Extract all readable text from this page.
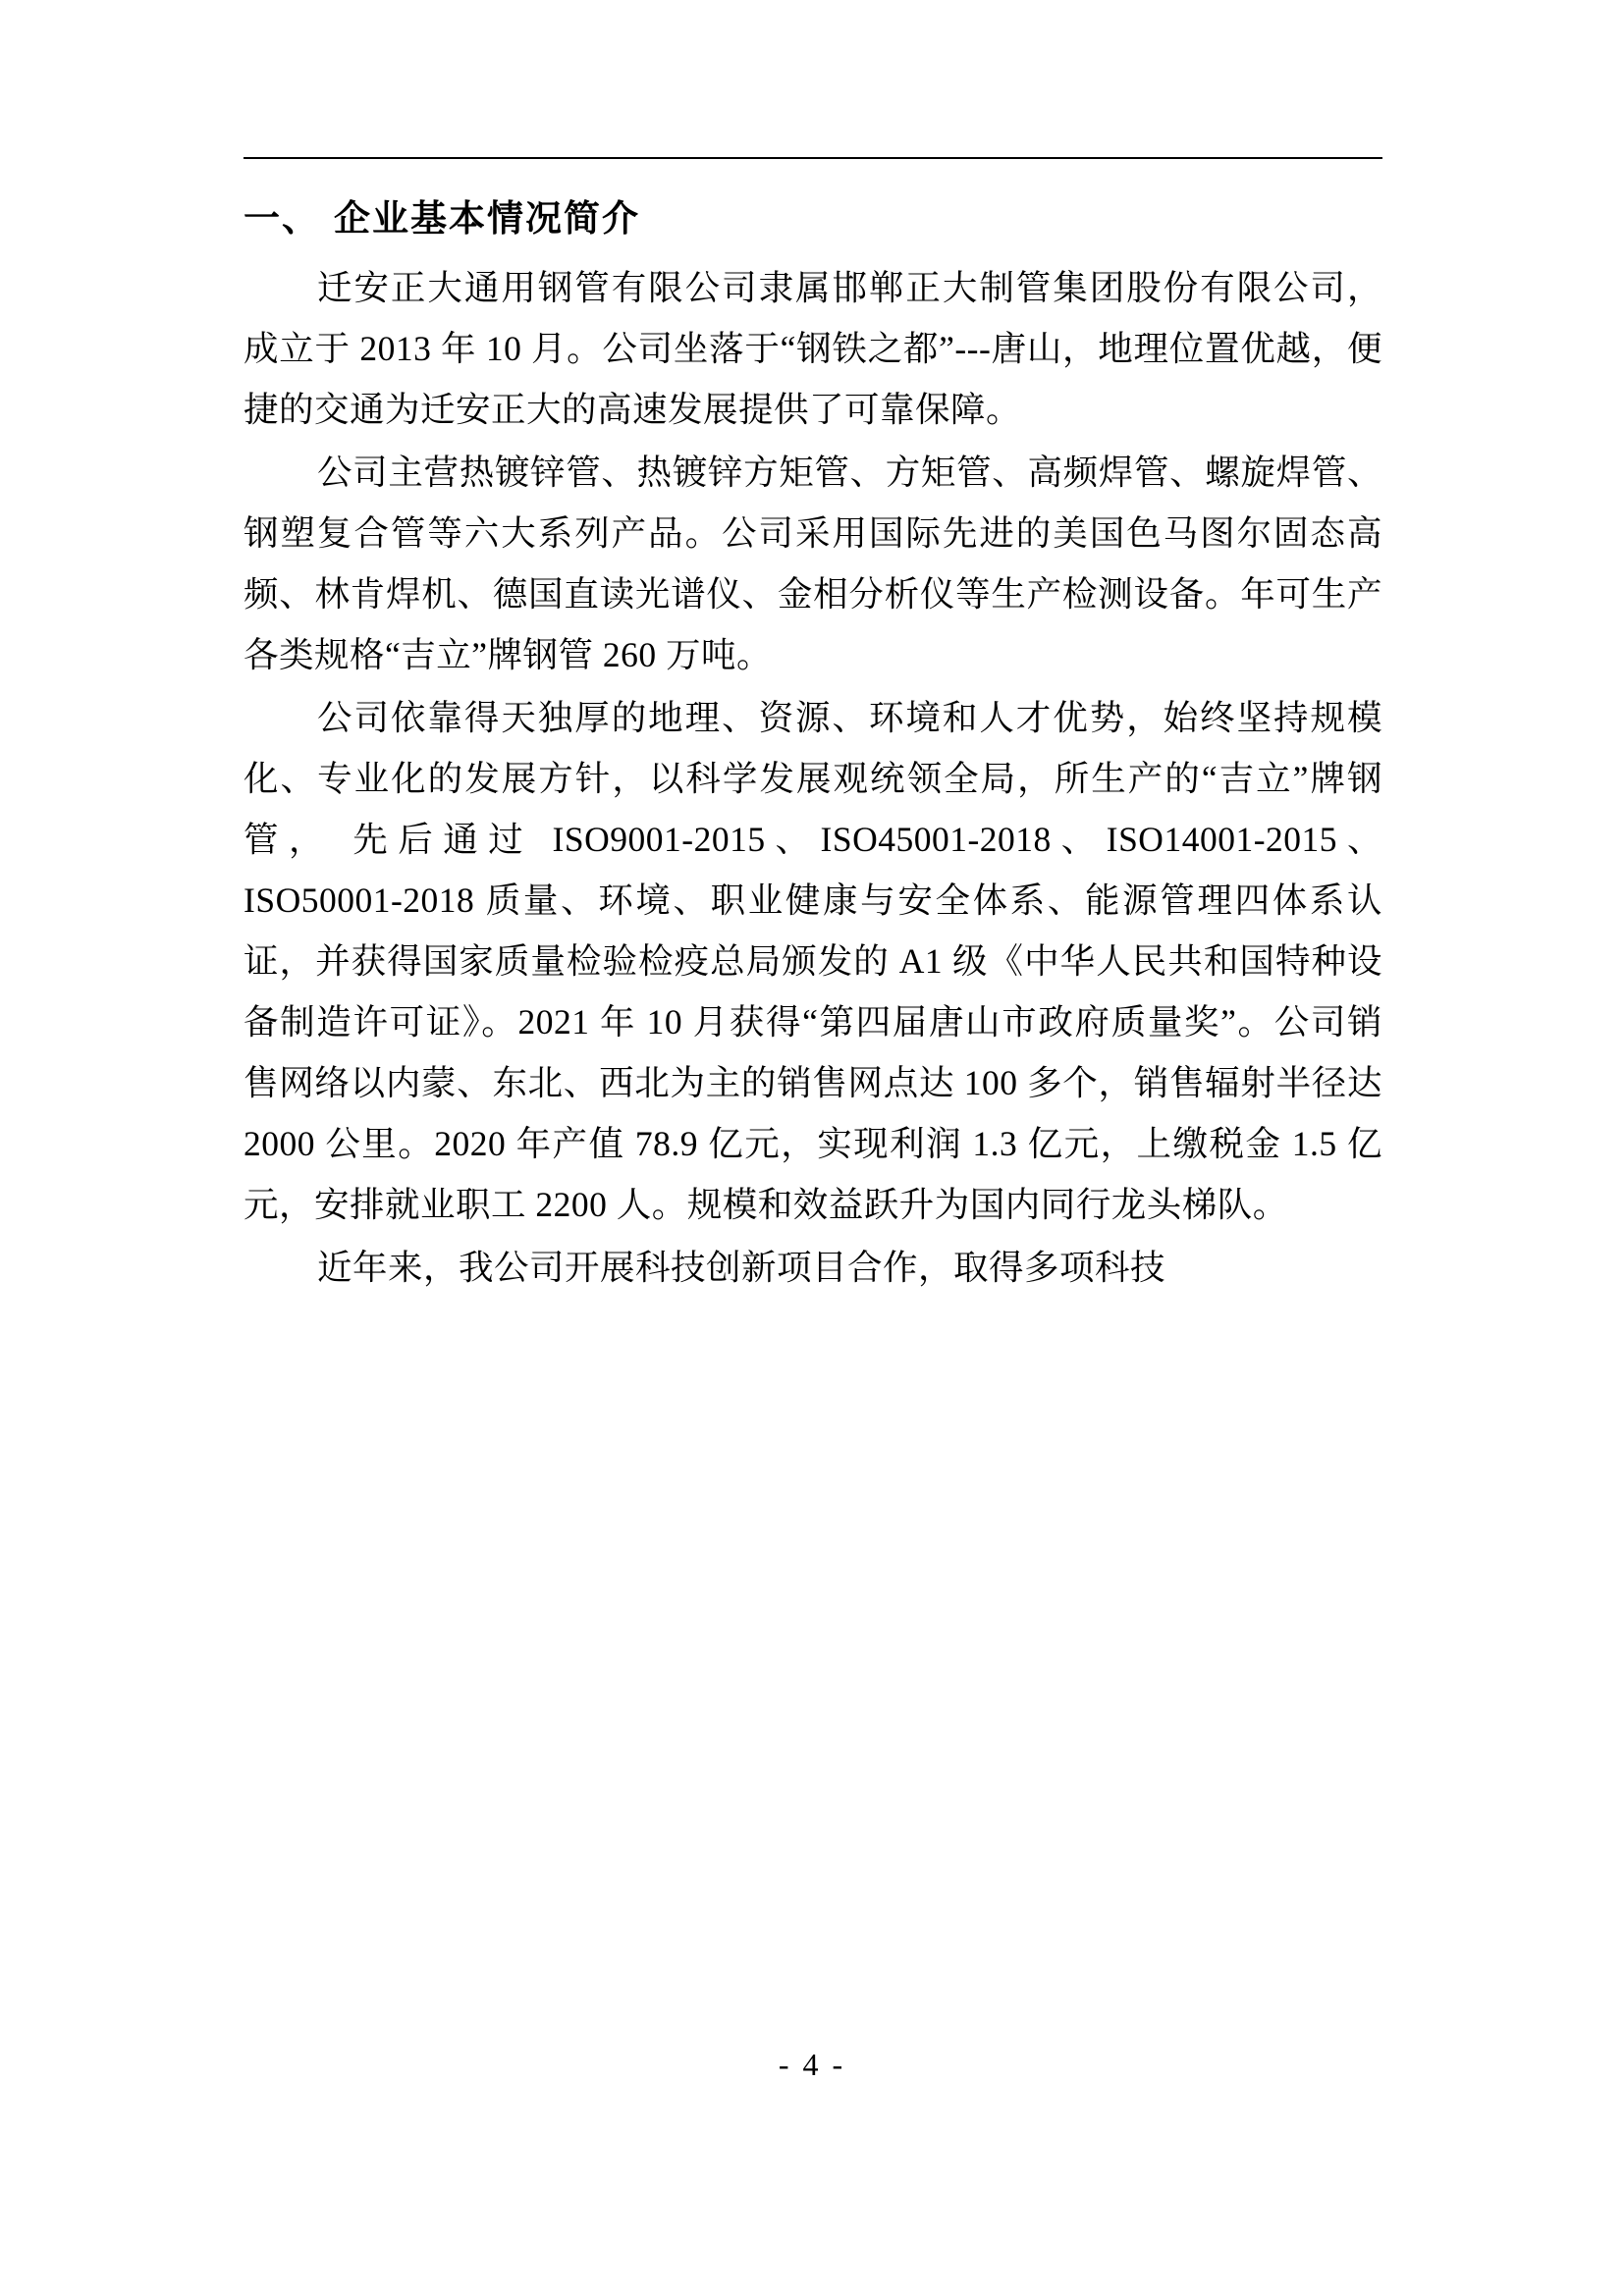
一、 企业基本情况简介

迁安正大通用钢管有限公司隶属邯郸正大制管集团股份有限公司， 成立于 2013 年 10 月。公司坐落于“钢铁之都”---唐山，地理位置优越，便捷的交通为迁安正大的高速发展提供了可靠保障。

公司主营热镀锌管、热镀锌方矩管、方矩管、高频焊管、螺旋焊管、钢塑复合管等六大系列产品。公司采用国际先进的美国色马图尔固态高频、林肯焊机、德国直读光谱仪、金相分析仪等生产检测设备。年可生产各类规格“吉立”牌钢管 260 万吨。

公司依靠得天独厚的地理、资源、环境和人才优势，始终坚持规模化、专业化的发展方针，以科学发展观统领全局，所生产的“吉立”牌钢管， 先后通过 ISO9001-2015、ISO45001-2018、ISO14001-2015、ISO50001-2018 质量、环境、职业健康与安全体系、能源管理四体系认证，并获得国家质量检验检疫总局颁发的 A1 级《中华人民共和国特种设备制造许可证》。2021 年 10 月获得“第四届唐山市政府质量奖”。公司销售网络以内蒙、东北、西北为主的销售网点达 100 多个，销售辐射半径达 2000 公里。2020 年产值 78.9 亿元，实现利润 1.3 亿元，上缴税金 1.5 亿元，安排就业职工 2200 人。规模和效益跃升为国内同行龙头梯队。

近年来，我公司开展科技创新项目合作，取得多项科技

- 4 -
